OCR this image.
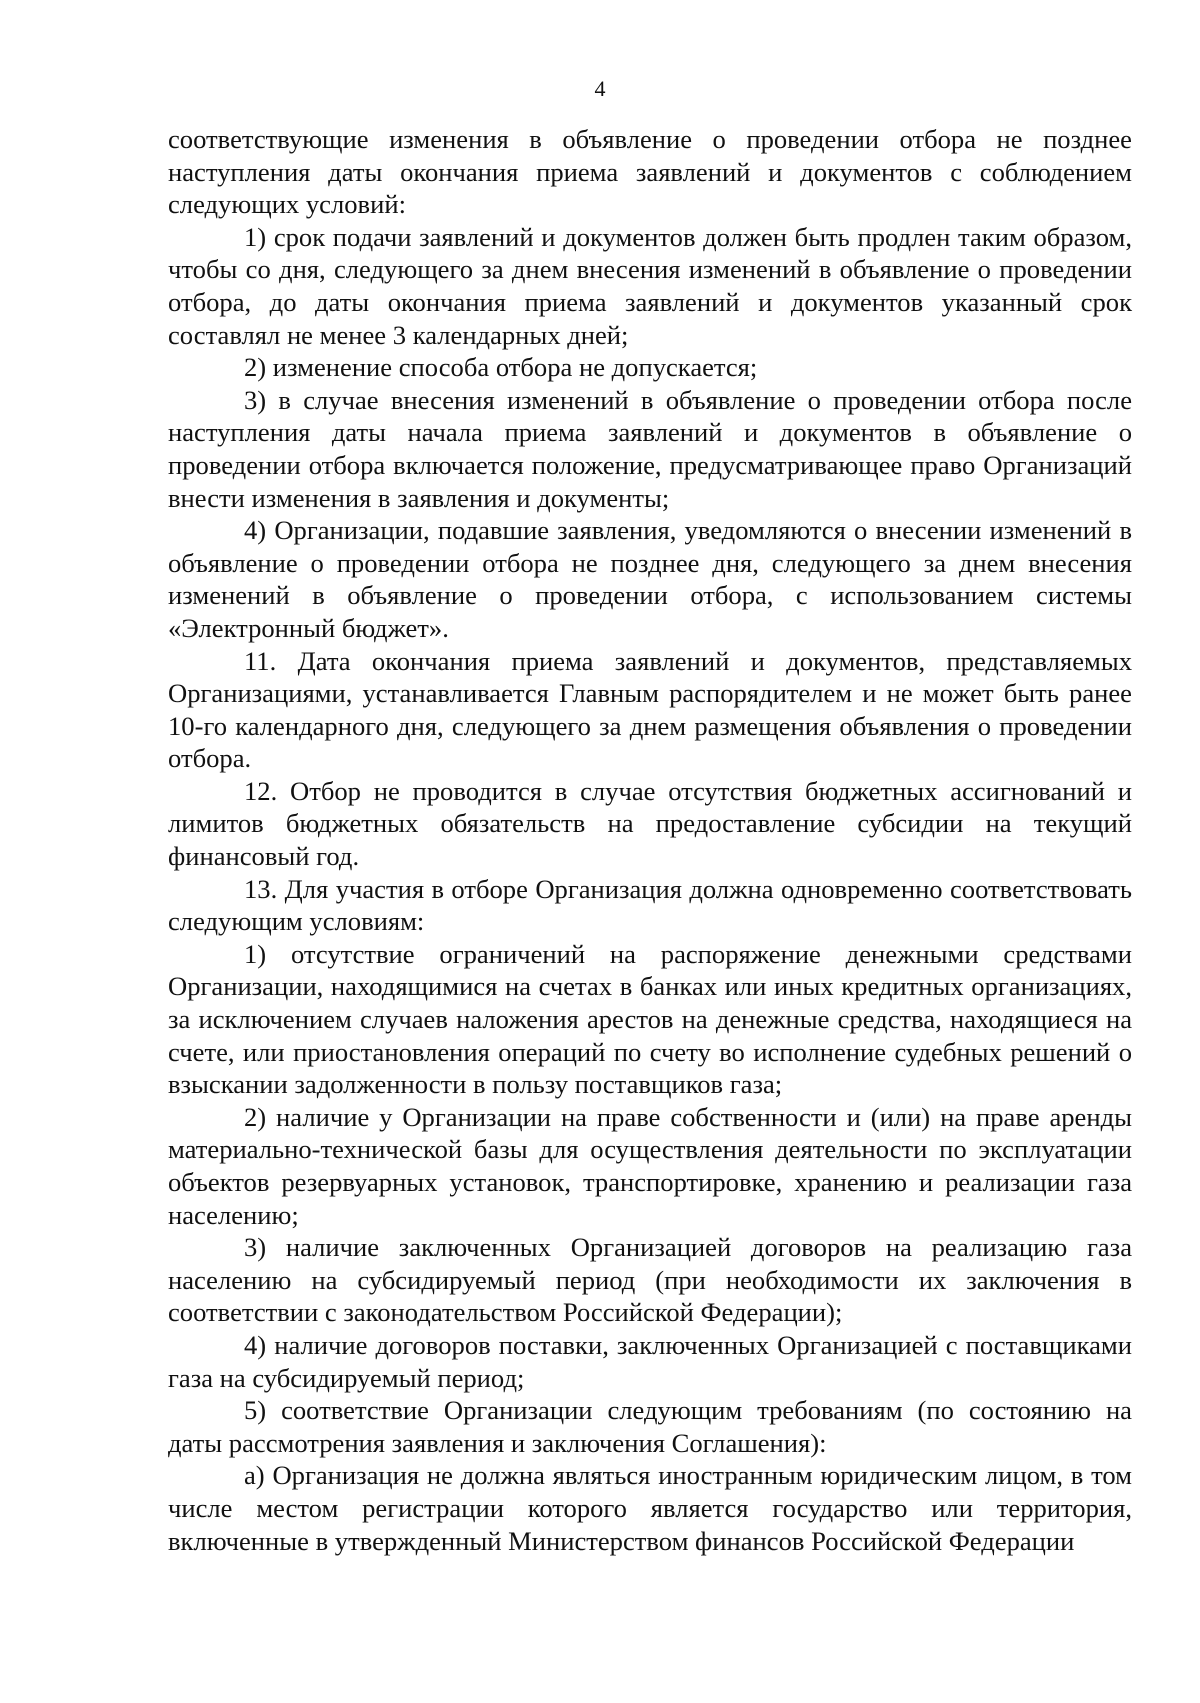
4

соответствующие изменения в объявление о проведении отбора не позднее наступления даты окончания приема заявлений и документов с соблюдением следующих условий:

1) срок подачи заявлений и документов должен быть продлен таким образом, чтобы со дня, следующего за днем внесения изменений в объявление о проведении отбора, до даты окончания приема заявлений и документов указанный срок составлял не менее 3 календарных дней;

2) изменение способа отбора не допускается;

3) в случае внесения изменений в объявление о проведении отбора после наступления даты начала приема заявлений и документов в объявление о проведении отбора включается положение, предусматривающее право Организаций внести изменения в заявления и документы;

4) Организации, подавшие заявления, уведомляются о внесении изменений в объявление о проведении отбора не позднее дня, следующего за днем внесения изменений в объявление о проведении отбора, с использованием системы «Электронный бюджет».

11. Дата окончания приема заявлений и документов, представляемых Организациями, устанавливается Главным распорядителем и не может быть ранее 10-го календарного дня, следующего за днем размещения объявления о проведении отбора.

12. Отбор не проводится в случае отсутствия бюджетных ассигнований и лимитов бюджетных обязательств на предоставление субсидии на текущий финансовый год.

13. Для участия в отборе Организация должна одновременно соответствовать следующим условиям:

1) отсутствие ограничений на распоряжение денежными средствами Организации, находящимися на счетах в банках или иных кредитных организациях, за исключением случаев наложения арестов на денежные средства, находящиеся на счете, или приостановления операций по счету во исполнение судебных решений о взыскании задолженности в пользу поставщиков газа;

2) наличие у Организации на праве собственности и (или) на праве аренды материально-технической базы для осуществления деятельности по эксплуатации объектов резервуарных установок, транспортировке, хранению и реализации газа населению;

3) наличие заключенных Организацией договоров на реализацию газа населению на субсидируемый период (при необходимости их заключения в соответствии с законодательством Российской Федерации);

4) наличие договоров поставки, заключенных Организацией с поставщиками газа на субсидируемый период;

5) соответствие Организации следующим требованиям (по состоянию на даты рассмотрения заявления и заключения Соглашения):

а) Организация не должна являться иностранным юридическим лицом, в том числе местом регистрации которого является государство или территория, включенные в утвержденный Министерством финансов Российской Федерации
